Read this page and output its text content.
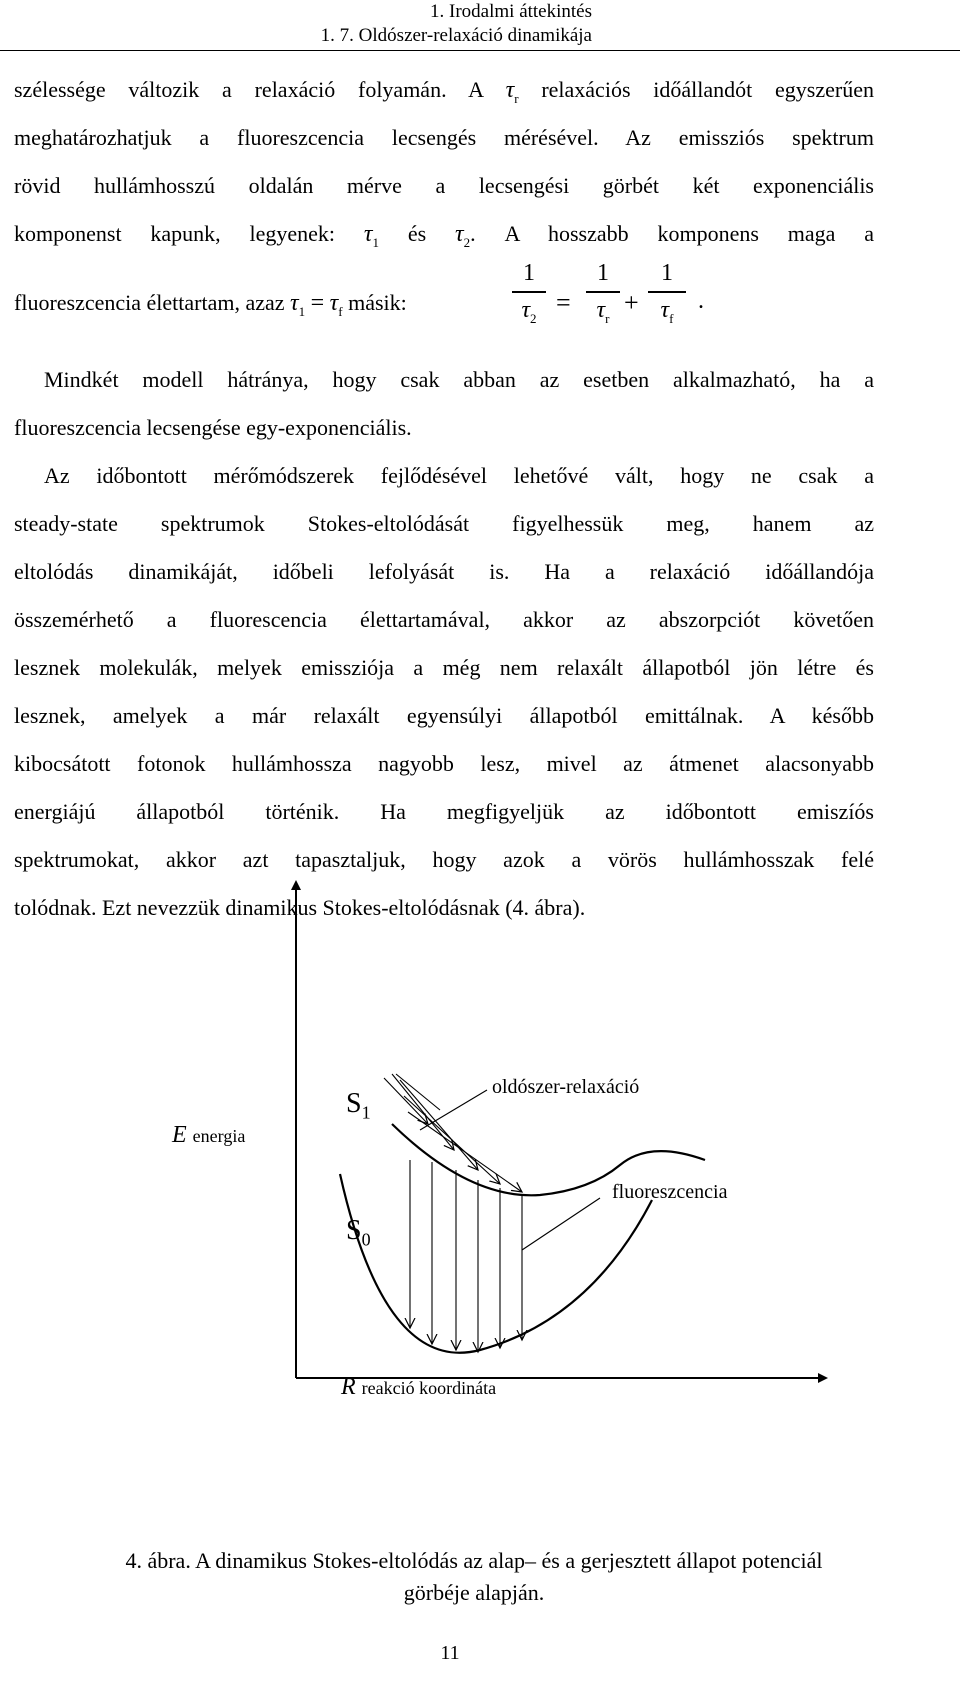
1. Irodalmi áttekintés
1. 7. Oldószer-relaxáció dinamikája
szélessége változik a relaxáció folyamán. A $\tau_r$ relaxációs időállandót egyszerűen
meghatározhatjuk a fluoreszcencia lecsengés mérésével. Az emissziós spektrum
rövid hullámhosszú oldalán mérve a lecsengési görbét két exponenciális
komponenst kapunk, legyenek: $\tau_1$ és $\tau_2$. A hosszabb komponens maga a
fluoreszcencia élettartam, azaz $\tau_1 = \tau_f$ másik:
1
$\tau_2$
=
1
$\tau_r$
+
1
$\tau_f$
.
Mindkét modell hátránya, hogy csak abban az esetben alkalmazható, ha a
fluoreszcencia lecsengése egy-exponenciális.
Az időbontott mérőmódszerek fejlődésével lehetővé vált, hogy ne csak a
steady-state spektrumok Stokes-eltolódását figyelhessük meg, hanem az
eltolódás dinamikáját, időbeli lefolyását is. Ha a relaxáció időállandója
összemérhető a fluorescencia élettartamával, akkor az abszorpciót követően
lesznek molekulák, melyek emissziója a még nem relaxált állapotból jön létre és
lesznek, amelyek a már relaxált egyensúlyi állapotból emittálnak. A később
kibocsátott fotonok hullámhossza nagyobb lesz, mivel az átmenet alacsonyabb
energiájú állapotból történik. Ha megfigyeljük az időbontott emiszíós
spektrumokat, akkor azt tapasztaljuk, hogy azok a vörös hullámhosszak felé
tolódnak. Ezt nevezzük dinamikus Stokes-eltolódásnak (4. ábra).
E energia
$S_1$
$S_0$
oldószer-relaxáció
fluoreszcencia
R reakció koordináta
4. ábra. A dinamikus Stokes-eltolódás az alap– és a gerjesztett állapot potenciál
görbéje alapján.
11
